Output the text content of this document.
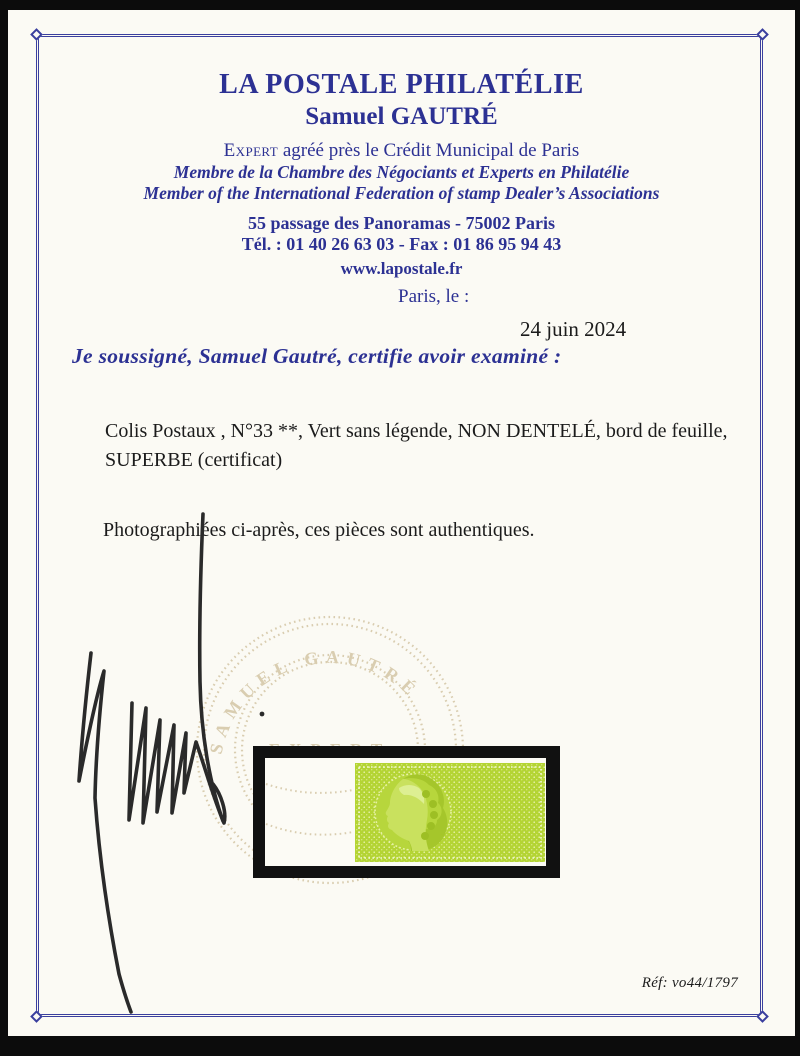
LA POSTALE PHILATÉLIE
Samuel GAUTRÉ
Expert agréé près le Crédit Municipal de Paris
Membre de la Chambre des Négociants et Experts en Philatélie
Member of the International Federation of stamp Dealer’s Associations
55 passage des Panoramas - 75002 Paris
Tél. : 01 40 26 63 03 - Fax : 01 86 95 94 43
www.lapostale.fr
Paris, le :
24 juin 2024
Je soussigné, Samuel Gautré, certifie avoir examiné :
Colis Postaux , N°33 **, Vert sans légende, NON DENTELÉ, bord de feuille, SUPERBE (certificat)
Photographiées ci-après, ces pièces sont authentiques.
Réf: vo44/1797
SAMUEL GAUTRÉ
